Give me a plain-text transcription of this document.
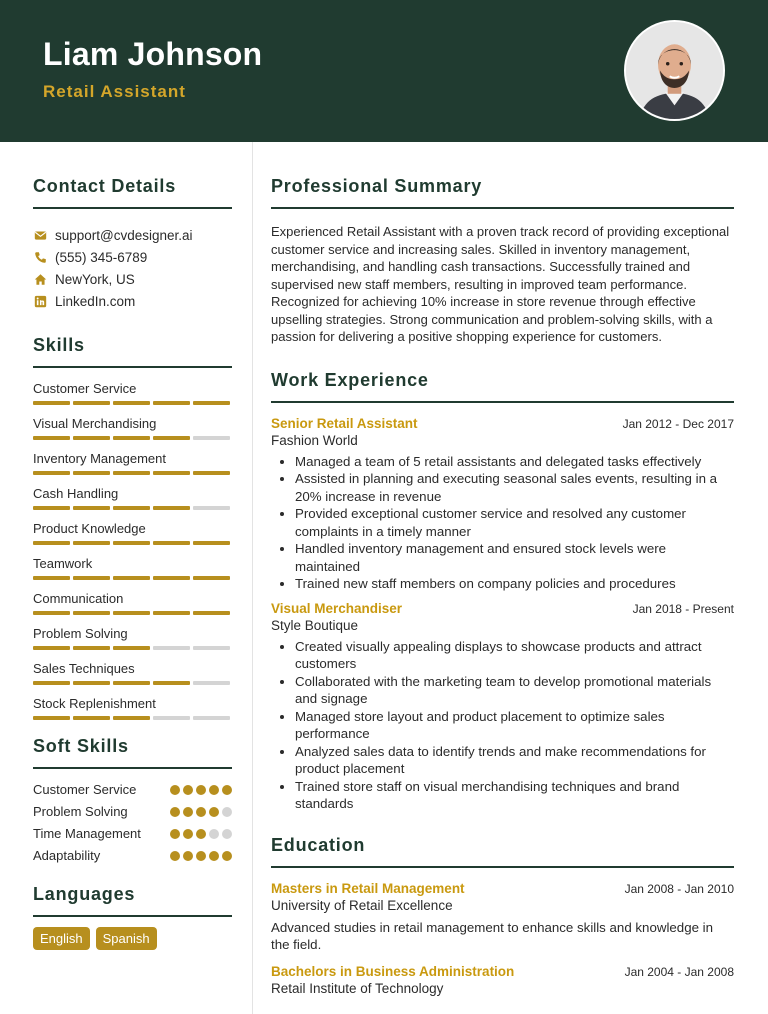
Liam Johnson
Retail Assistant
Contact Details
support@cvdesigner.ai
(555) 345-6789
NewYork, US
LinkedIn.com
Skills
Customer Service
Visual Merchandising
Inventory Management
Cash Handling
Product Knowledge
Teamwork
Communication
Problem Solving
Sales Techniques
Stock Replenishment
Soft Skills
Customer Service
Problem Solving
Time Management
Adaptability
Languages
English	Spanish
Professional Summary
Experienced Retail Assistant with a proven track record of providing exceptional customer service and increasing sales. Skilled in inventory management, merchandising, and handling cash transactions. Successfully trained and supervised new staff members, resulting in improved team performance. Recognized for achieving 10% increase in store revenue through effective upselling strategies. Strong communication and problem-solving skills, with a passion for delivering a positive shopping experience for customers.
Work Experience
Senior Retail Assistant	Jan 2012 - Dec 2017
Fashion World
• Managed a team of 5 retail assistants and delegated tasks effectively
• Assisted in planning and executing seasonal sales events, resulting in a 20% increase in revenue
• Provided exceptional customer service and resolved any customer complaints in a timely manner
• Handled inventory management and ensured stock levels were maintained
• Trained new staff members on company policies and procedures
Visual Merchandiser	Jan 2018 - Present
Style Boutique
• Created visually appealing displays to showcase products and attract customers
• Collaborated with the marketing team to develop promotional materials and signage
• Managed store layout and product placement to optimize sales performance
• Analyzed sales data to identify trends and make recommendations for product placement
• Trained store staff on visual merchandising techniques and brand standards
Education
Masters in Retail Management	Jan 2008 - Jan 2010
University of Retail Excellence
Advanced studies in retail management to enhance skills and knowledge in the field.
Bachelors in Business Administration	Jan 2004 - Jan 2008
Retail Institute of Technology
